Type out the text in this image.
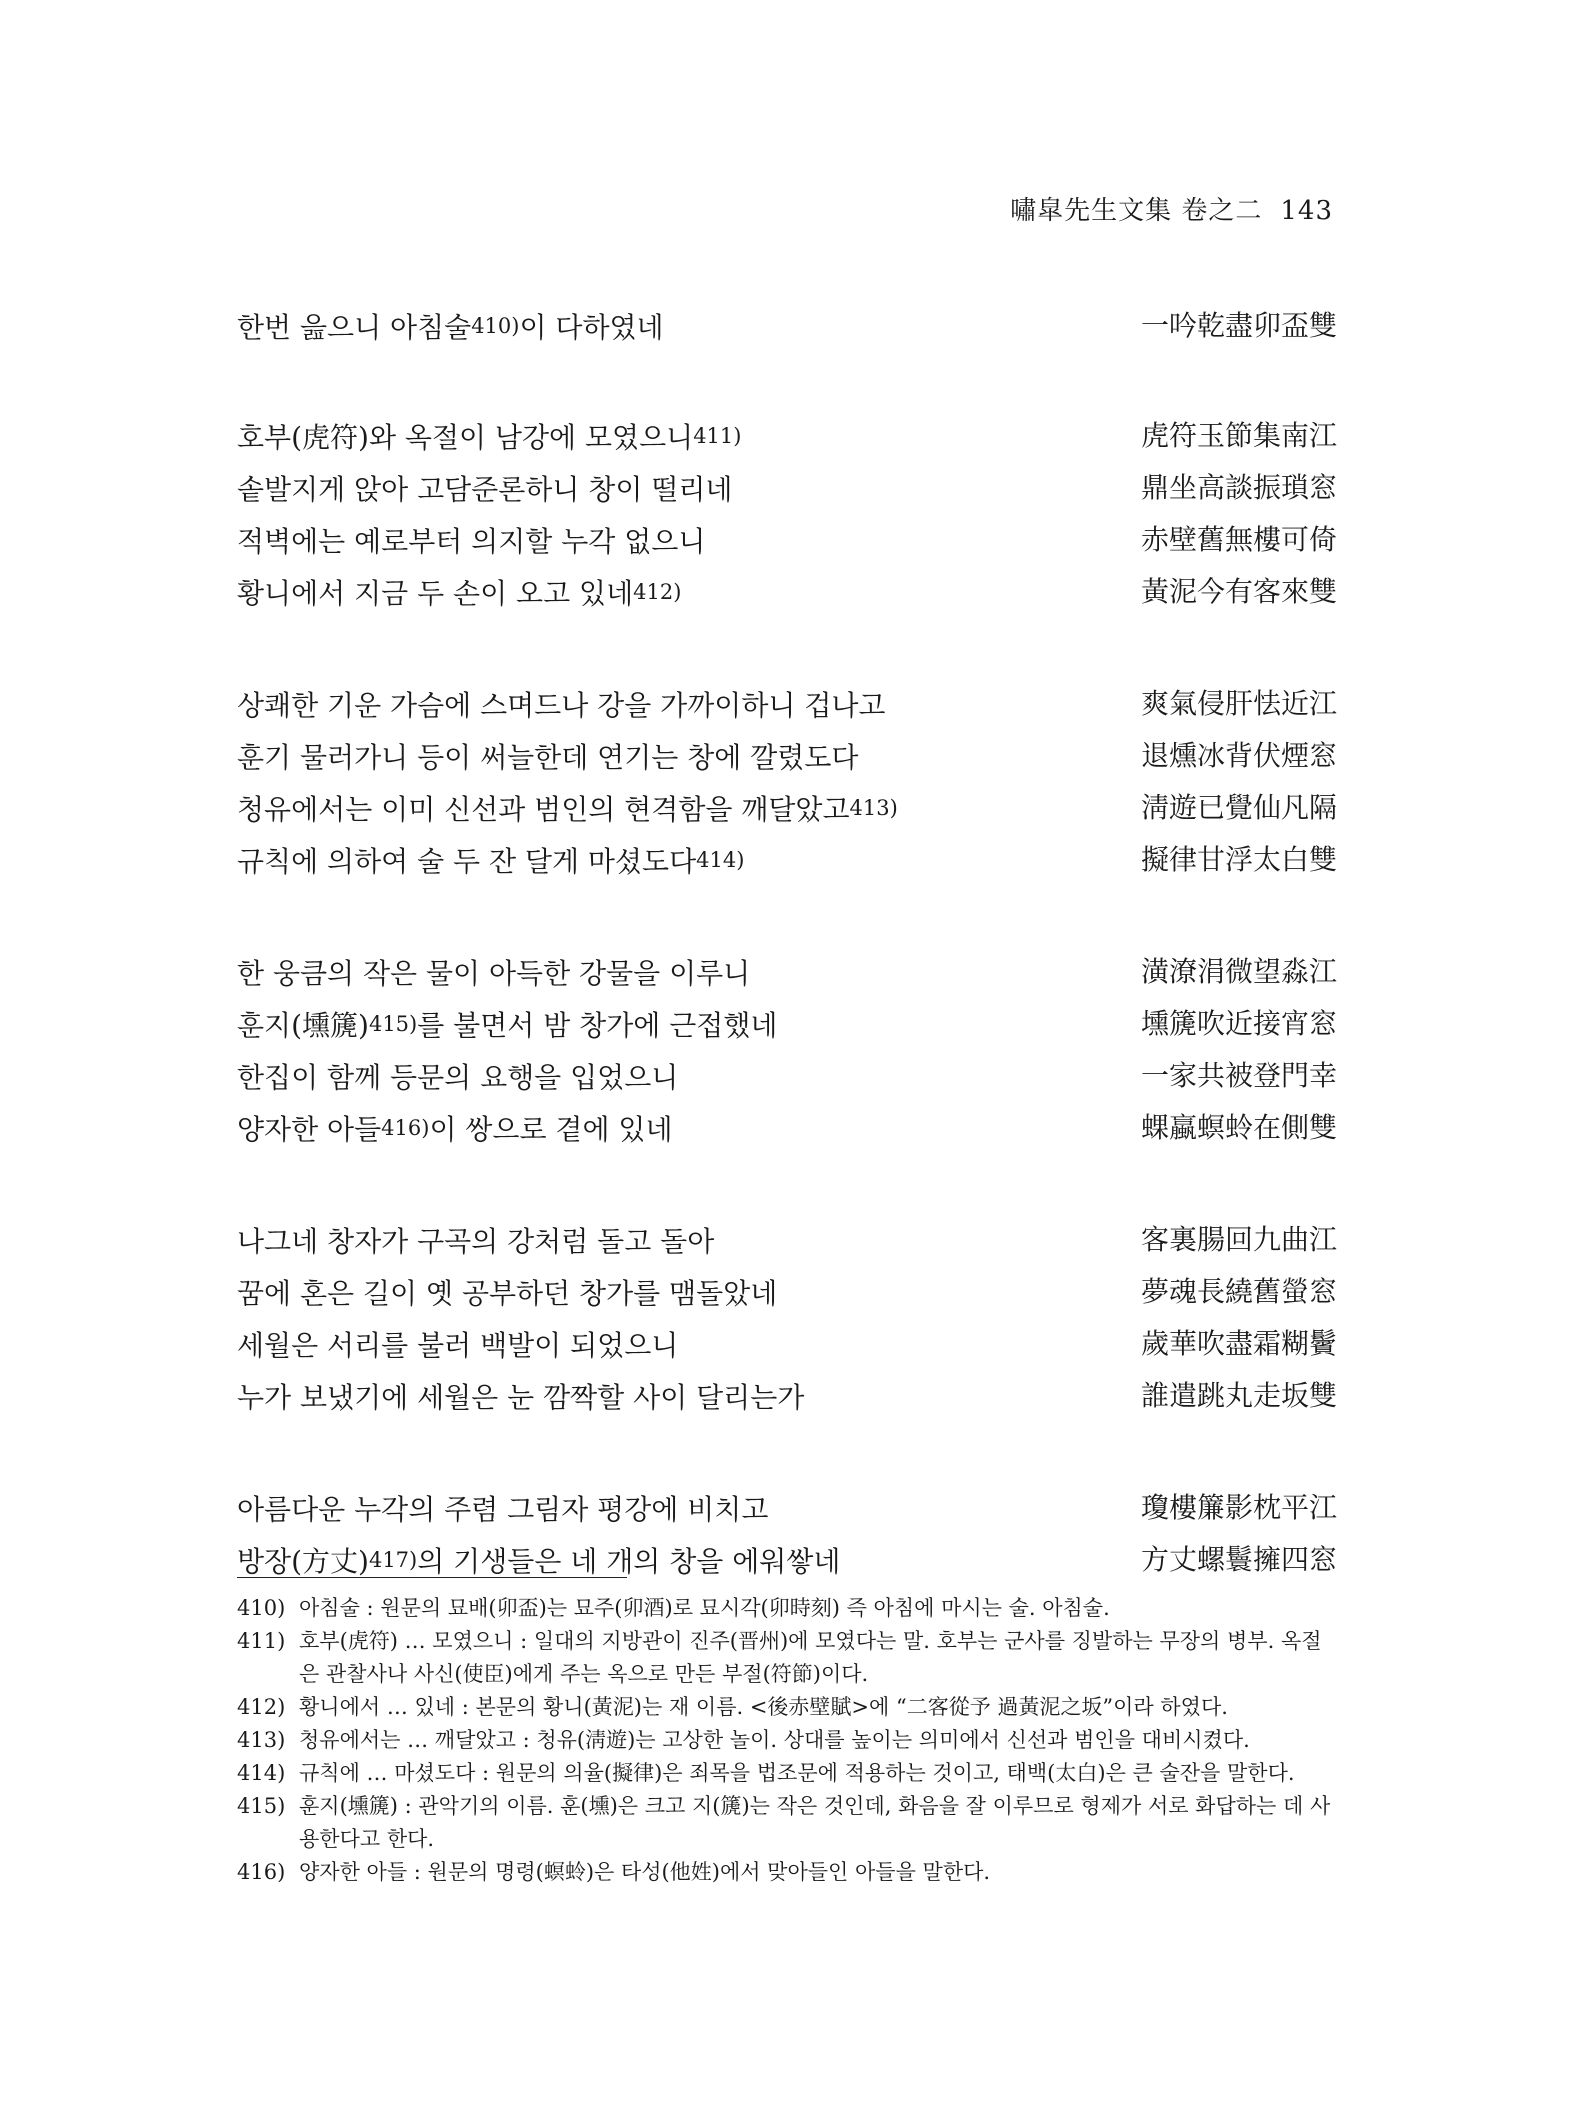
嘯皐先生文集 卷之二 143
한번 읊으니 아침술410)이 다하였네	一吟乾盡卯盃雙
호부(虎符)와 옥절이 남강에 모였으니411)	虎符玉節集南江
솥발지게 앉아 고담준론하니 창이 떨리네	鼎坐高談振瑣窓
적벽에는 예로부터 의지할 누각 없으니	赤壁舊無樓可倚
황니에서 지금 두 손이 오고 있네412)	黃泥今有客來雙
상쾌한 기운 가슴에 스며드나 강을 가까이하니 겁나고	爽氣侵肝怯近江
훈기 물러가니 등이 써늘한데 연기는 창에 깔렸도다	退燻冰背伏煙窓
청유에서는 이미 신선과 범인의 현격함을 깨달았고413)	淸遊已覺仙凡隔
규칙에 의하여 술 두 잔 달게 마셨도다414)	擬律甘浮太白雙
한 웅큼의 작은 물이 아득한 강물을 이루니	潢潦涓微望淼江
훈지(壎篪)415)를 불면서 밤 창가에 근접했네	壎篪吹近接宵窓
한집이 함께 등문의 요행을 입었으니	一家共被登門幸
양자한 아들416)이 쌍으로 곁에 있네	蜾蠃螟蛉在側雙
나그네 창자가 구곡의 강처럼 돌고 돌아	客裏腸回九曲江
꿈에 혼은 길이 옛 공부하던 창가를 맴돌았네	夢魂長繞舊螢窓
세월은 서리를 불러 백발이 되었으니	歲華吹盡霜糊鬢
누가 보냈기에 세월은 눈 깜짝할 사이 달리는가	誰遣跳丸走坂雙
아름다운 누각의 주렴 그림자 평강에 비치고	瓊樓簾影枕平江
방장(方丈)417)의 기생들은 네 개의 창을 에워쌓네	方丈螺鬟擁四窓
410) 아침술 : 원문의 묘배(卯盃)는 묘주(卯酒)로 묘시각(卯時刻) 즉 아침에 마시는 술. 아침술.
411) 호부(虎符) … 모였으니 : 일대의 지방관이 진주(晋州)에 모였다는 말. 호부는 군사를 징발하는 무장의 병부. 옥절은 관찰사나 사신(使臣)에게 주는 옥으로 만든 부절(符節)이다.
412) 황니에서 … 있네 : 본문의 황니(黃泥)는 재 이름. <後赤壁賦>에 “二客從予 過黃泥之坂”이라 하였다.
413) 청유에서는 … 깨달았고 : 청유(淸遊)는 고상한 놀이. 상대를 높이는 의미에서 신선과 범인을 대비시켰다.
414) 규칙에 … 마셨도다 : 원문의 의율(擬律)은 죄목을 법조문에 적용하는 것이고, 태백(太白)은 큰 술잔을 말한다.
415) 훈지(壎篪) : 관악기의 이름. 훈(壎)은 크고 지(篪)는 작은 것인데, 화음을 잘 이루므로 형제가 서로 화답하는 데 사용한다고 한다.
416) 양자한 아들 : 원문의 명령(螟蛉)은 타성(他姓)에서 맞아들인 아들을 말한다.
